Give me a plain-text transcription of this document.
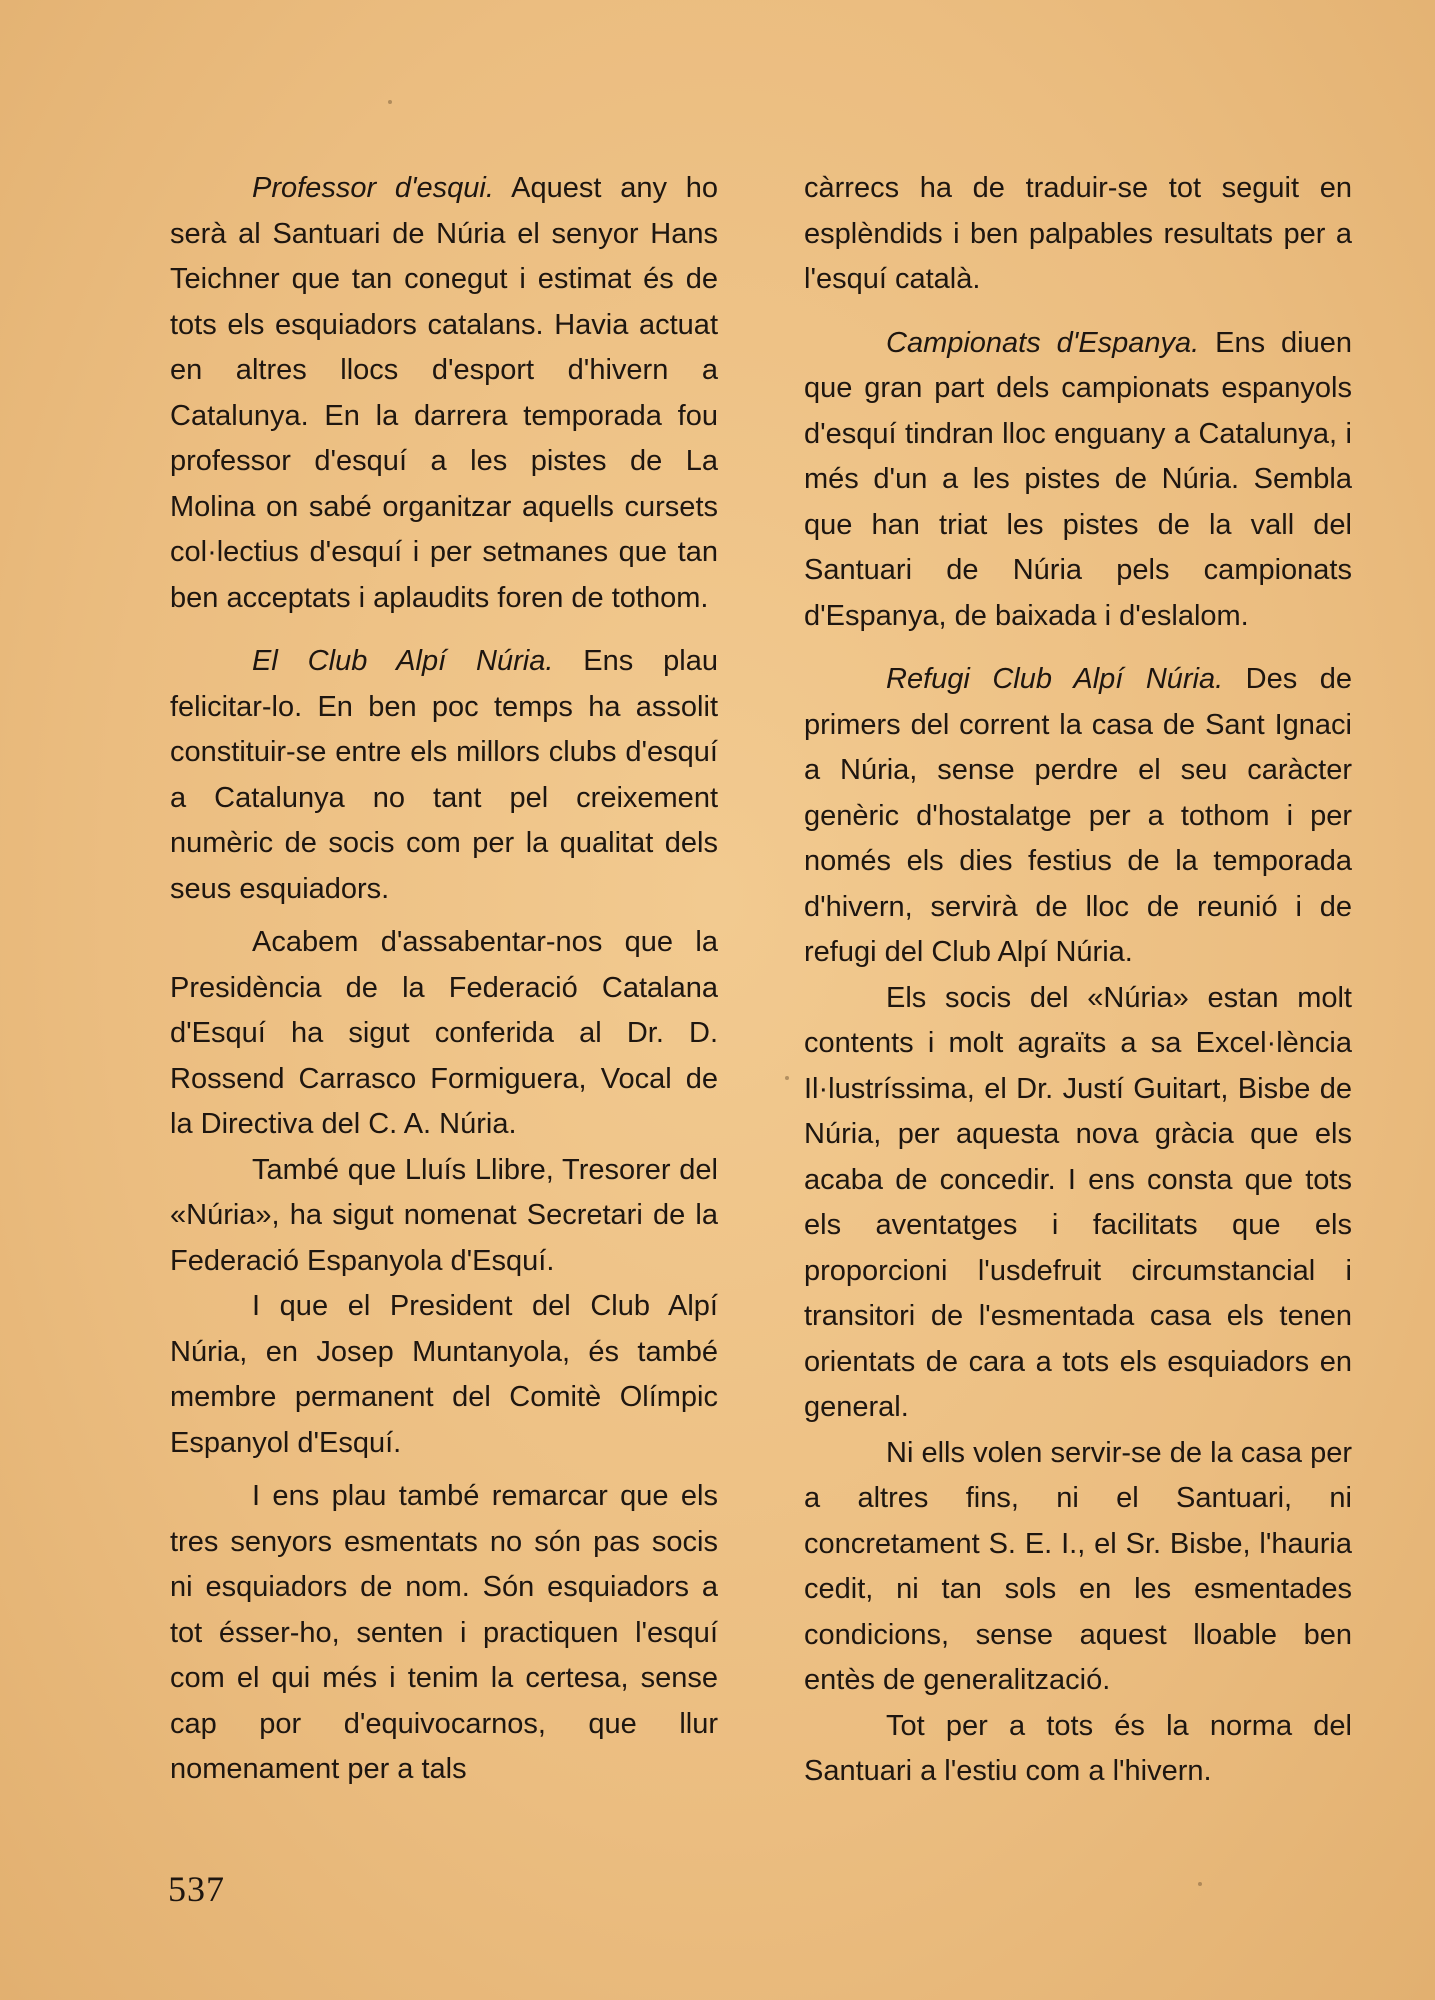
Professor d'esqui. Aquest any ho serà al Santuari de Núria el senyor Hans Teichner que tan conegut i estimat és de tots els esquiadors catalans. Havia actuat en altres llocs d'esport d'hivern a Catalunya. En la darrera temporada fou professor d'esquí a les pistes de La Molina on sabé organitzar aquells cursets col·lectius d'esquí i per setmanes que tan ben acceptats i aplaudits foren de tothom.

El Club Alpí Núria. Ens plau felicitar-lo. En ben poc temps ha assolit constituir-se entre els millors clubs d'esquí a Catalunya no tant pel creixement numèric de socis com per la qualitat dels seus esquiadors.

Acabem d'assabentar-nos que la Presidència de la Federació Catalana d'Esquí ha sigut conferida al Dr. D. Rossend Carrasco Formiguera, Vocal de la Directiva del C. A. Núria.

També que Lluís Llibre, Tresorer del «Núria», ha sigut nomenat Secretari de la Federació Espanyola d'Esquí.

I que el President del Club Alpí Núria, en Josep Muntanyola, és també membre permanent del Comitè Olímpic Espanyol d'Esquí.

I ens plau també remarcar que els tres senyors esmentats no són pas socis ni esquiadors de nom. Són esquiadors a tot ésser-ho, senten i practiquen l'esquí com el qui més i tenim la certesa, sense cap por d'equivocarnos, que llur nomenament per a tals

càrrecs ha de traduir-se tot seguit en esplèndids i ben palpables resultats per a l'esquí català.

Campionats d'Espanya. Ens diuen que gran part dels campionats espanyols d'esquí tindran lloc enguany a Catalunya, i més d'un a les pistes de Núria. Sembla que han triat les pistes de la vall del Santuari de Núria pels campionats d'Espanya, de baixada i d'eslalom.

Refugi Club Alpí Núria. Des de primers del corrent la casa de Sant Ignaci a Núria, sense perdre el seu caràcter genèric d'hostalatge per a tothom i per només els dies festius de la temporada d'hivern, servirà de lloc de reunió i de refugi del Club Alpí Núria.

Els socis del «Núria» estan molt contents i molt agraïts a sa Excel·lència Il·lustríssima, el Dr. Justí Guitart, Bisbe de Núria, per aquesta nova gràcia que els acaba de concedir. I ens consta que tots els aventatges i facilitats que els proporcioni l'usdefruit circumstancial i transitori de l'esmentada casa els tenen orientats de cara a tots els esquiadors en general.

Ni ells volen servir-se de la casa per a altres fins, ni el Santuari, ni concretament S. E. I., el Sr. Bisbe, l'hauria cedit, ni tan sols en les esmentades condicions, sense aquest lloable ben entès de generalització.

Tot per a tots és la norma del Santuari a l'estiu com a l'hivern.

537
